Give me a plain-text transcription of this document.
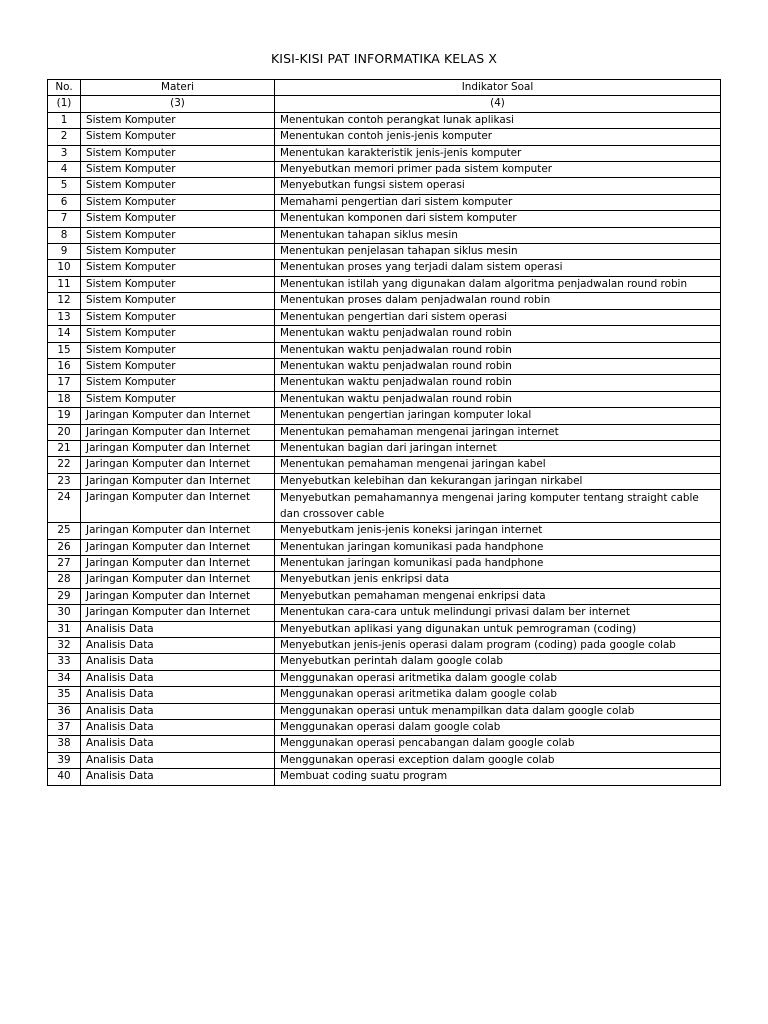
KISI-KISI PAT INFORMATIKA KELAS X
No.	Materi	Indikator Soal
(1)	(3)	(4)
1	Sistem Komputer	Menentukan contoh perangkat lunak aplikasi
2	Sistem Komputer	Menentukan contoh jenis-jenis komputer
3	Sistem Komputer	Menentukan karakteristik jenis-jenis komputer
4	Sistem Komputer	Menyebutkan memori primer pada sistem komputer
5	Sistem Komputer	Menyebutkan fungsi sistem operasi
6	Sistem Komputer	Memahami pengertian dari sistem komputer
7	Sistem Komputer	Menentukan komponen dari sistem komputer
8	Sistem Komputer	Menentukan tahapan siklus mesin
9	Sistem Komputer	Menentukan penjelasan tahapan siklus mesin
10	Sistem Komputer	Menentukan proses yang terjadi dalam sistem operasi
11	Sistem Komputer	Menentukan istilah yang digunakan dalam algoritma penjadwalan round robin
12	Sistem Komputer	Menentukan proses dalam penjadwalan round robin
13	Sistem Komputer	Menentukan pengertian dari sistem operasi
14	Sistem Komputer	Menentukan waktu penjadwalan round robin
15	Sistem Komputer	Menentukan waktu penjadwalan round robin
16	Sistem Komputer	Menentukan waktu penjadwalan round robin
17	Sistem Komputer	Menentukan waktu penjadwalan round robin
18	Sistem Komputer	Menentukan waktu penjadwalan round robin
19	Jaringan Komputer dan Internet	Menentukan pengertian jaringan komputer lokal
20	Jaringan Komputer dan Internet	Menentukan pemahaman mengenai jaringan internet
21	Jaringan Komputer dan Internet	Menentukan bagian dari jaringan internet
22	Jaringan Komputer dan Internet	Menentukan pemahaman mengenai jaringan kabel
23	Jaringan Komputer dan Internet	Menyebutkan kelebihan dan kekurangan jaringan nirkabel
24	Jaringan Komputer dan Internet	Menyebutkan pemahamannya mengenai jaring komputer tentang straight cable dan crossover cable
25	Jaringan Komputer dan Internet	Menyebutkam jenis-jenis koneksi jaringan internet
26	Jaringan Komputer dan Internet	Menentukan jaringan komunikasi pada handphone
27	Jaringan Komputer dan Internet	Menentukan jaringan komunikasi pada handphone
28	Jaringan Komputer dan Internet	Menyebutkan jenis enkripsi data
29	Jaringan Komputer dan Internet	Menyebutkan pemahaman mengenai enkripsi data
30	Jaringan Komputer dan Internet	Menentukan cara-cara untuk melindungi privasi dalam ber internet
31	Analisis Data	Menyebutkan aplikasi yang digunakan untuk pemrograman (coding)
32	Analisis Data	Menyebutkan jenis-jenis operasi dalam program (coding) pada google colab
33	Analisis Data	Menyebutkan perintah dalam google colab
34	Analisis Data	Menggunakan operasi aritmetika dalam google colab
35	Analisis Data	Menggunakan operasi aritmetika dalam google colab
36	Analisis Data	Menggunakan operasi untuk menampilkan data dalam google colab
37	Analisis Data	Menggunakan operasi dalam google colab
38	Analisis Data	Menggunakan operasi pencabangan dalam google colab
39	Analisis Data	Menggunakan operasi exception dalam google colab
40	Analisis Data	Membuat coding suatu program
